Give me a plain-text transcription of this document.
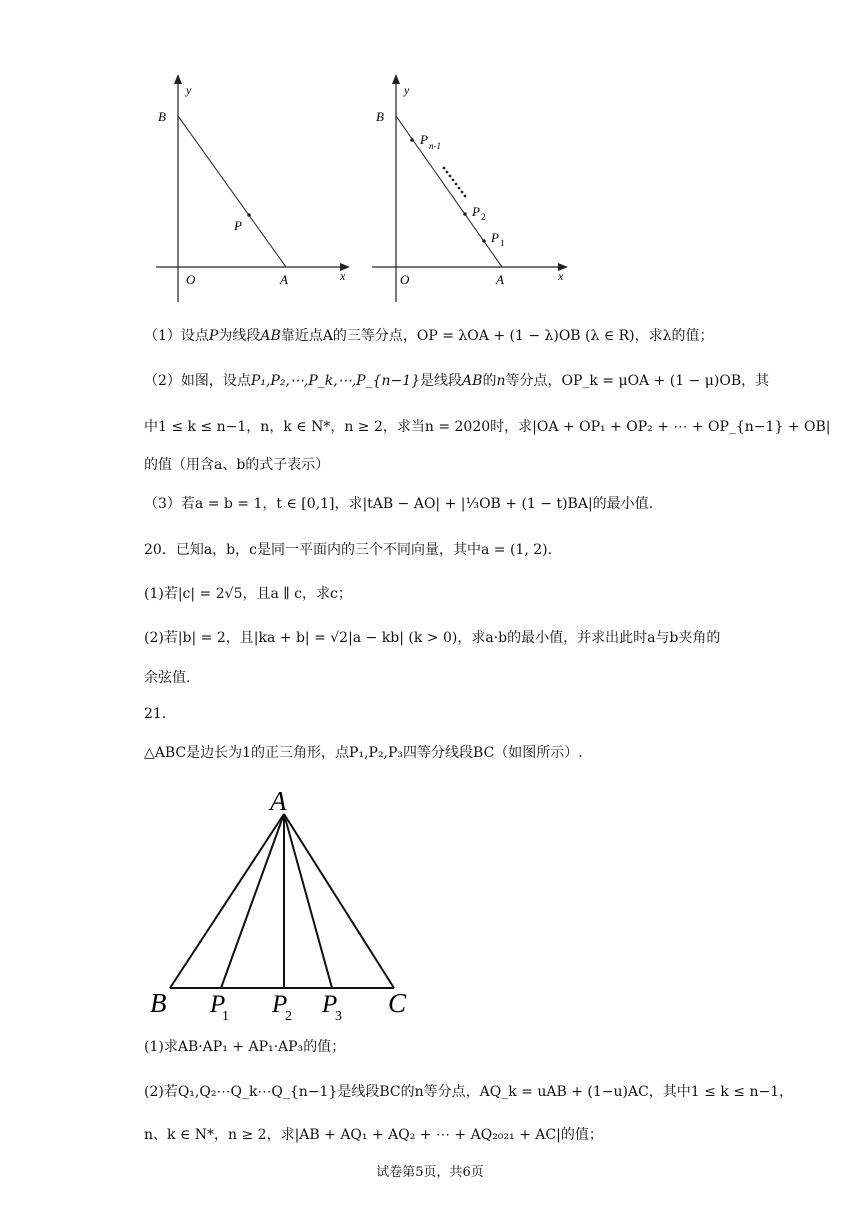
y
x
B
O	A
P
y
x
B
O	A
P n-1
P 2
P 1
（1）设点P为线段AB靠近点A的三等分点，OP = λOA + (1 − λ)OB (λ ∈ R)，求λ的值；
（2）如图，设点P₁,P₂,⋯,P_k,⋯,P_{n−1}是线段AB的n等分点，OP_k = μOA + (1 − μ)OB，其
中1 ≤ k ≤ n−1，n，k ∈ N*，n ≥ 2，求当n = 2020时，求|OA + OP₁ + OP₂ + ⋯ + OP_{n−1} + OB|
的值（用含a、b的式子表示）
（3）若a = b = 1，t ∈ [0,1]，求|tAB − AO| + |⅓OB + (1 − t)BA|的最小值.
20．已知a，b，c是同一平面内的三个不同向量，其中a = (1, 2).
(1)若|c| = 2√5，且a ∥ c，求c；
(2)若|b| = 2，且|ka + b| = √2|a − kb| (k > 0)，求a·b的最小值，并求出此时a与b夹角的
余弦值.
21．
△ABC是边长为1的正三角形，点P₁,P₂,P₃四等分线段BC（如图所示）.
A
B P
1 P
2 P
3 C
(1)求AB·AP₁ + AP₁·AP₃的值；
(2)若Q₁,Q₂⋯Q_k⋯Q_{n−1}是线段BC的n等分点，AQ_k = uAB + (1−u)AC，其中1 ≤ k ≤ n−1，
n、k ∈ N*，n ≥ 2，求|AB + AQ₁ + AQ₂ + ⋯ + AQ₂₀₂₁ + AC|的值；
试卷第5页，共6页
